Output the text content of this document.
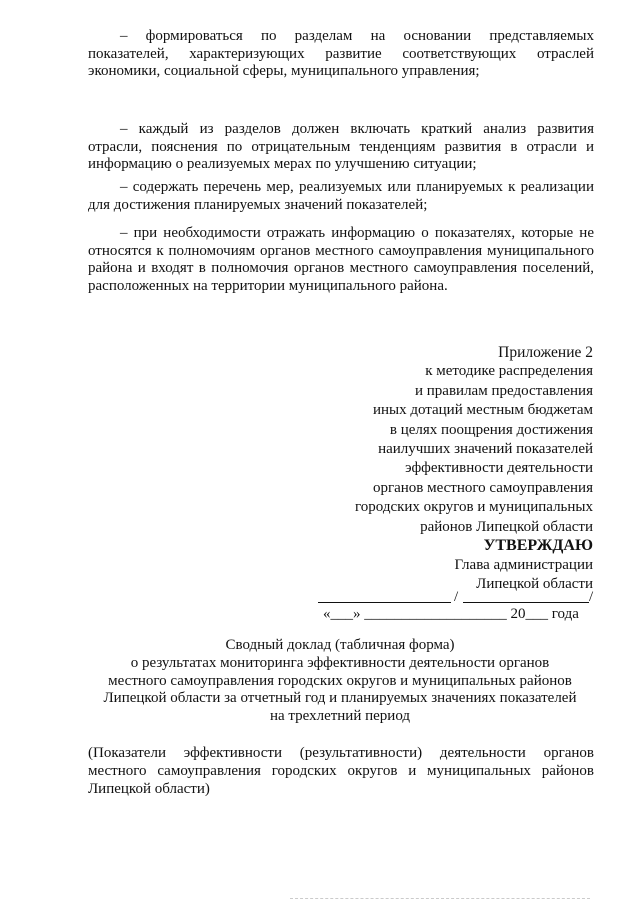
– формироваться по разделам на основании представляемых
показателей, характеризующих развитие соответствующих отраслей
экономики, социальной сферы, муниципального управления;

– каждый из разделов должен включать краткий анализ развития
отрасли, пояснения по отрицательным тенденциям развития в отрасли и
информацию о реализуемых мерах по улучшению ситуации;

– содержать перечень мер, реализуемых или планируемых к реализации
для достижения планируемых значений показателей;

– при необходимости отражать информацию о показателях, которые не
относятся к полномочиям органов местного самоуправления муниципального
района и входят в полномочия органов местного самоуправления поселений,
расположенных на территории муниципального района.

Приложение 2
к методике распределения
и правилам предоставления
иных дотаций местным бюджетам
в целях поощрения достижения
наилучших значений показателей
эффективности деятельности
органов местного самоуправления
городских округов и муниципальных
районов Липецкой области
УТВЕРЖДАЮ
Глава администрации
Липецкой области
/	/
«___» ___________________ 20___ года
Сводный доклад (табличная форма)
о результатах мониторинга эффективности деятельности органов
местного самоуправления городских округов и муниципальных районов
Липецкой области за отчетный год и планируемых значениях показателей
на трехлетний период

(Показатели эффективности (результативности) деятельности органов
местного самоуправления городских округов и муниципальных районов
Липецкой области)
